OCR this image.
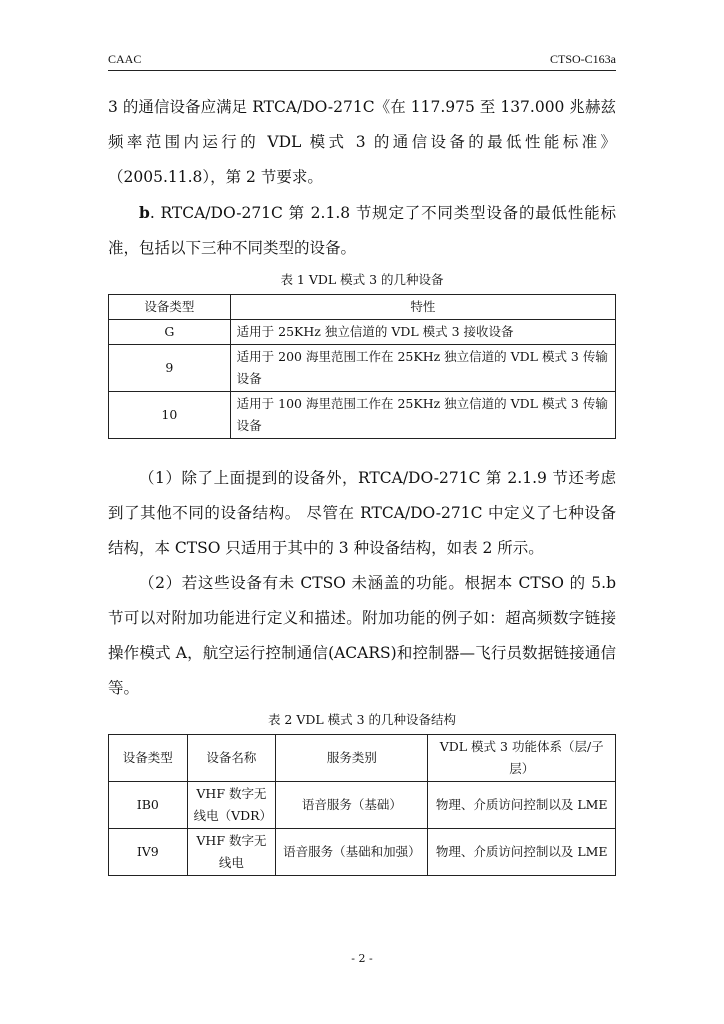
CAAC	CTSO-C163a

3 的通信设备应满足 RTCA/DO-271C《在 117.975 至 137.000 兆赫兹频率范围内运行的 VDL 模式 3 的通信设备的最低性能标准》（2005.11.8），第 2 节要求。

b. RTCA/DO-271C 第 2.1.8 节规定了不同类型设备的最低性能标准，包括以下三种不同类型的设备。

表 1 VDL 模式 3 的几种设备
设备类型	特性
G	适用于 25KHz 独立信道的 VDL 模式 3 接收设备
9	适用于 200 海里范围工作在 25KHz 独立信道的 VDL 模式 3 传输设备
10	适用于 100 海里范围工作在 25KHz 独立信道的 VDL 模式 3 传输设备

（1）除了上面提到的设备外，RTCA/DO-271C 第 2.1.9 节还考虑到了其他不同的设备结构。 尽管在 RTCA/DO-271C 中定义了七种设备结构，本 CTSO 只适用于其中的 3 种设备结构，如表 2 所示。

（2）若这些设备有未 CTSO 未涵盖的功能。根据本 CTSO 的 5.b 节可以对附加功能进行定义和描述。附加功能的例子如：超高频数字链接操作模式 A，航空运行控制通信(ACARS)和控制器—飞行员数据链接通信等。

表 2 VDL 模式 3 的几种设备结构
设备类型	设备名称	服务类别	VDL 模式 3 功能体系（层/子层）
IB0	VHF 数字无线电（VDR）	语音服务（基础）	物理、介质访问控制以及 LME
IV9	VHF 数字无线电	语音服务（基础和加强）	物理、介质访问控制以及 LME
- 2 -
